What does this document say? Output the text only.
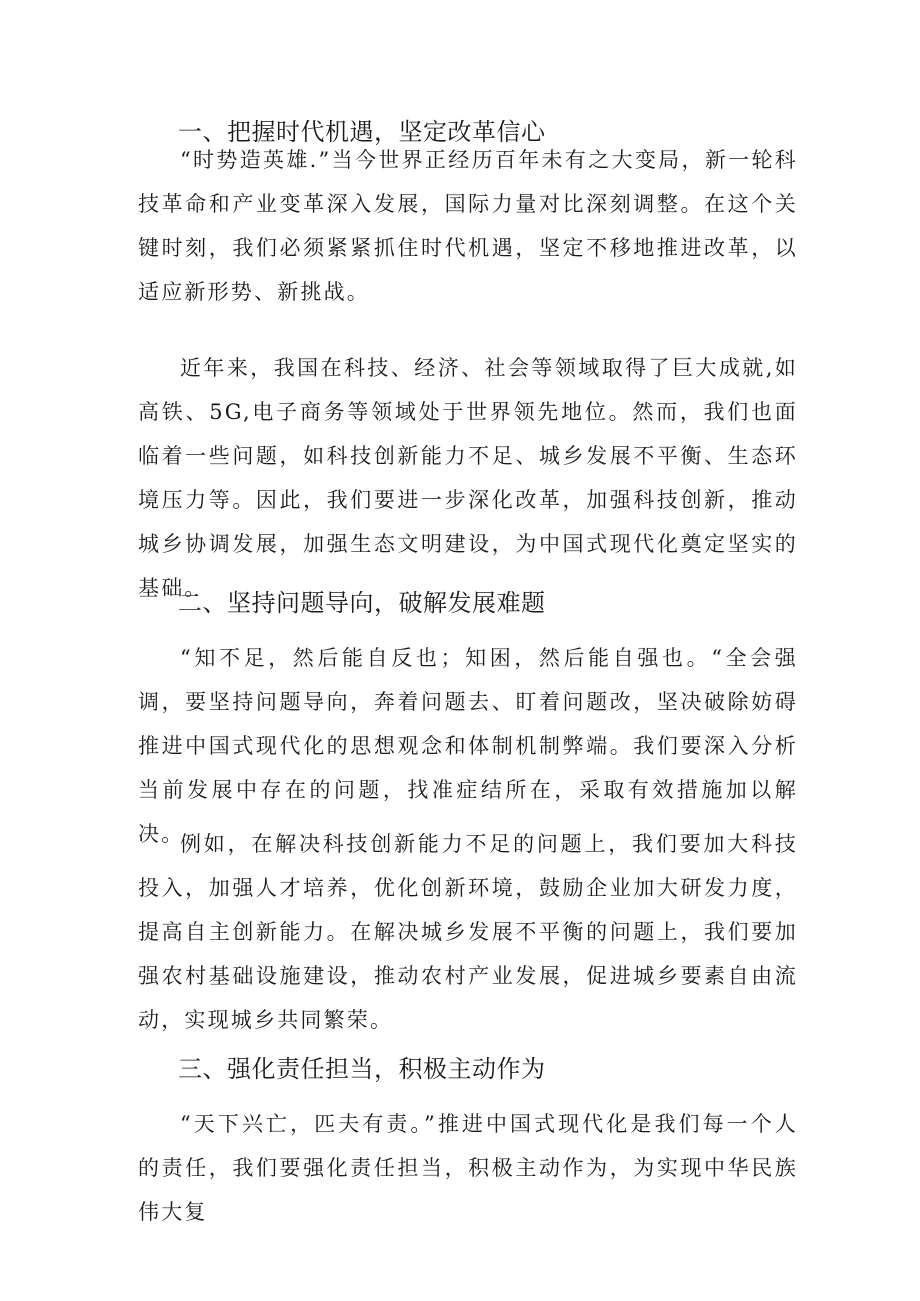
一、把握时代机遇，坚定改革信心

“时势造英雄.”当今世界正经历百年未有之大变局，新一轮科技革命和产业变革深入发展，国际力量对比深刻调整。在这个关键时刻，我们必须紧紧抓住时代机遇，坚定不移地推进改革，以适应新形势、新挑战。

近年来，我国在科技、经济、社会等领域取得了巨大成就,如高铁、5G,电子商务等领域处于世界领先地位。然而，我们也面临着一些问题，如科技创新能力不足、城乡发展不平衡、生态环境压力等。因此，我们要进一步深化改革，加强科技创新，推动城乡协调发展，加强生态文明建设，为中国式现代化奠定坚实的基础。

二、坚持问题导向，破解发展难题

“知不足，然后能自反也；知困，然后能自强也。“全会强调，要坚持问题导向，奔着问题去、盯着问题改，坚决破除妨碍推进中国式现代化的思想观念和体制机制弊端。我们要深入分析当前发展中存在的问题，找准症结所在，采取有效措施加以解决。

例如，在解决科技创新能力不足的问题上，我们要加大科技投入，加强人才培养，优化创新环境，鼓励企业加大研发力度，提高自主创新能力。在解决城乡发展不平衡的问题上，我们要加强农村基础设施建设，推动农村产业发展，促进城乡要素自由流动，实现城乡共同繁荣。

三、强化责任担当，积极主动作为

“天下兴亡，匹夫有责。”推进中国式现代化是我们每一个人的责任，我们要强化责任担当，积极主动作为，为实现中华民族伟大复
